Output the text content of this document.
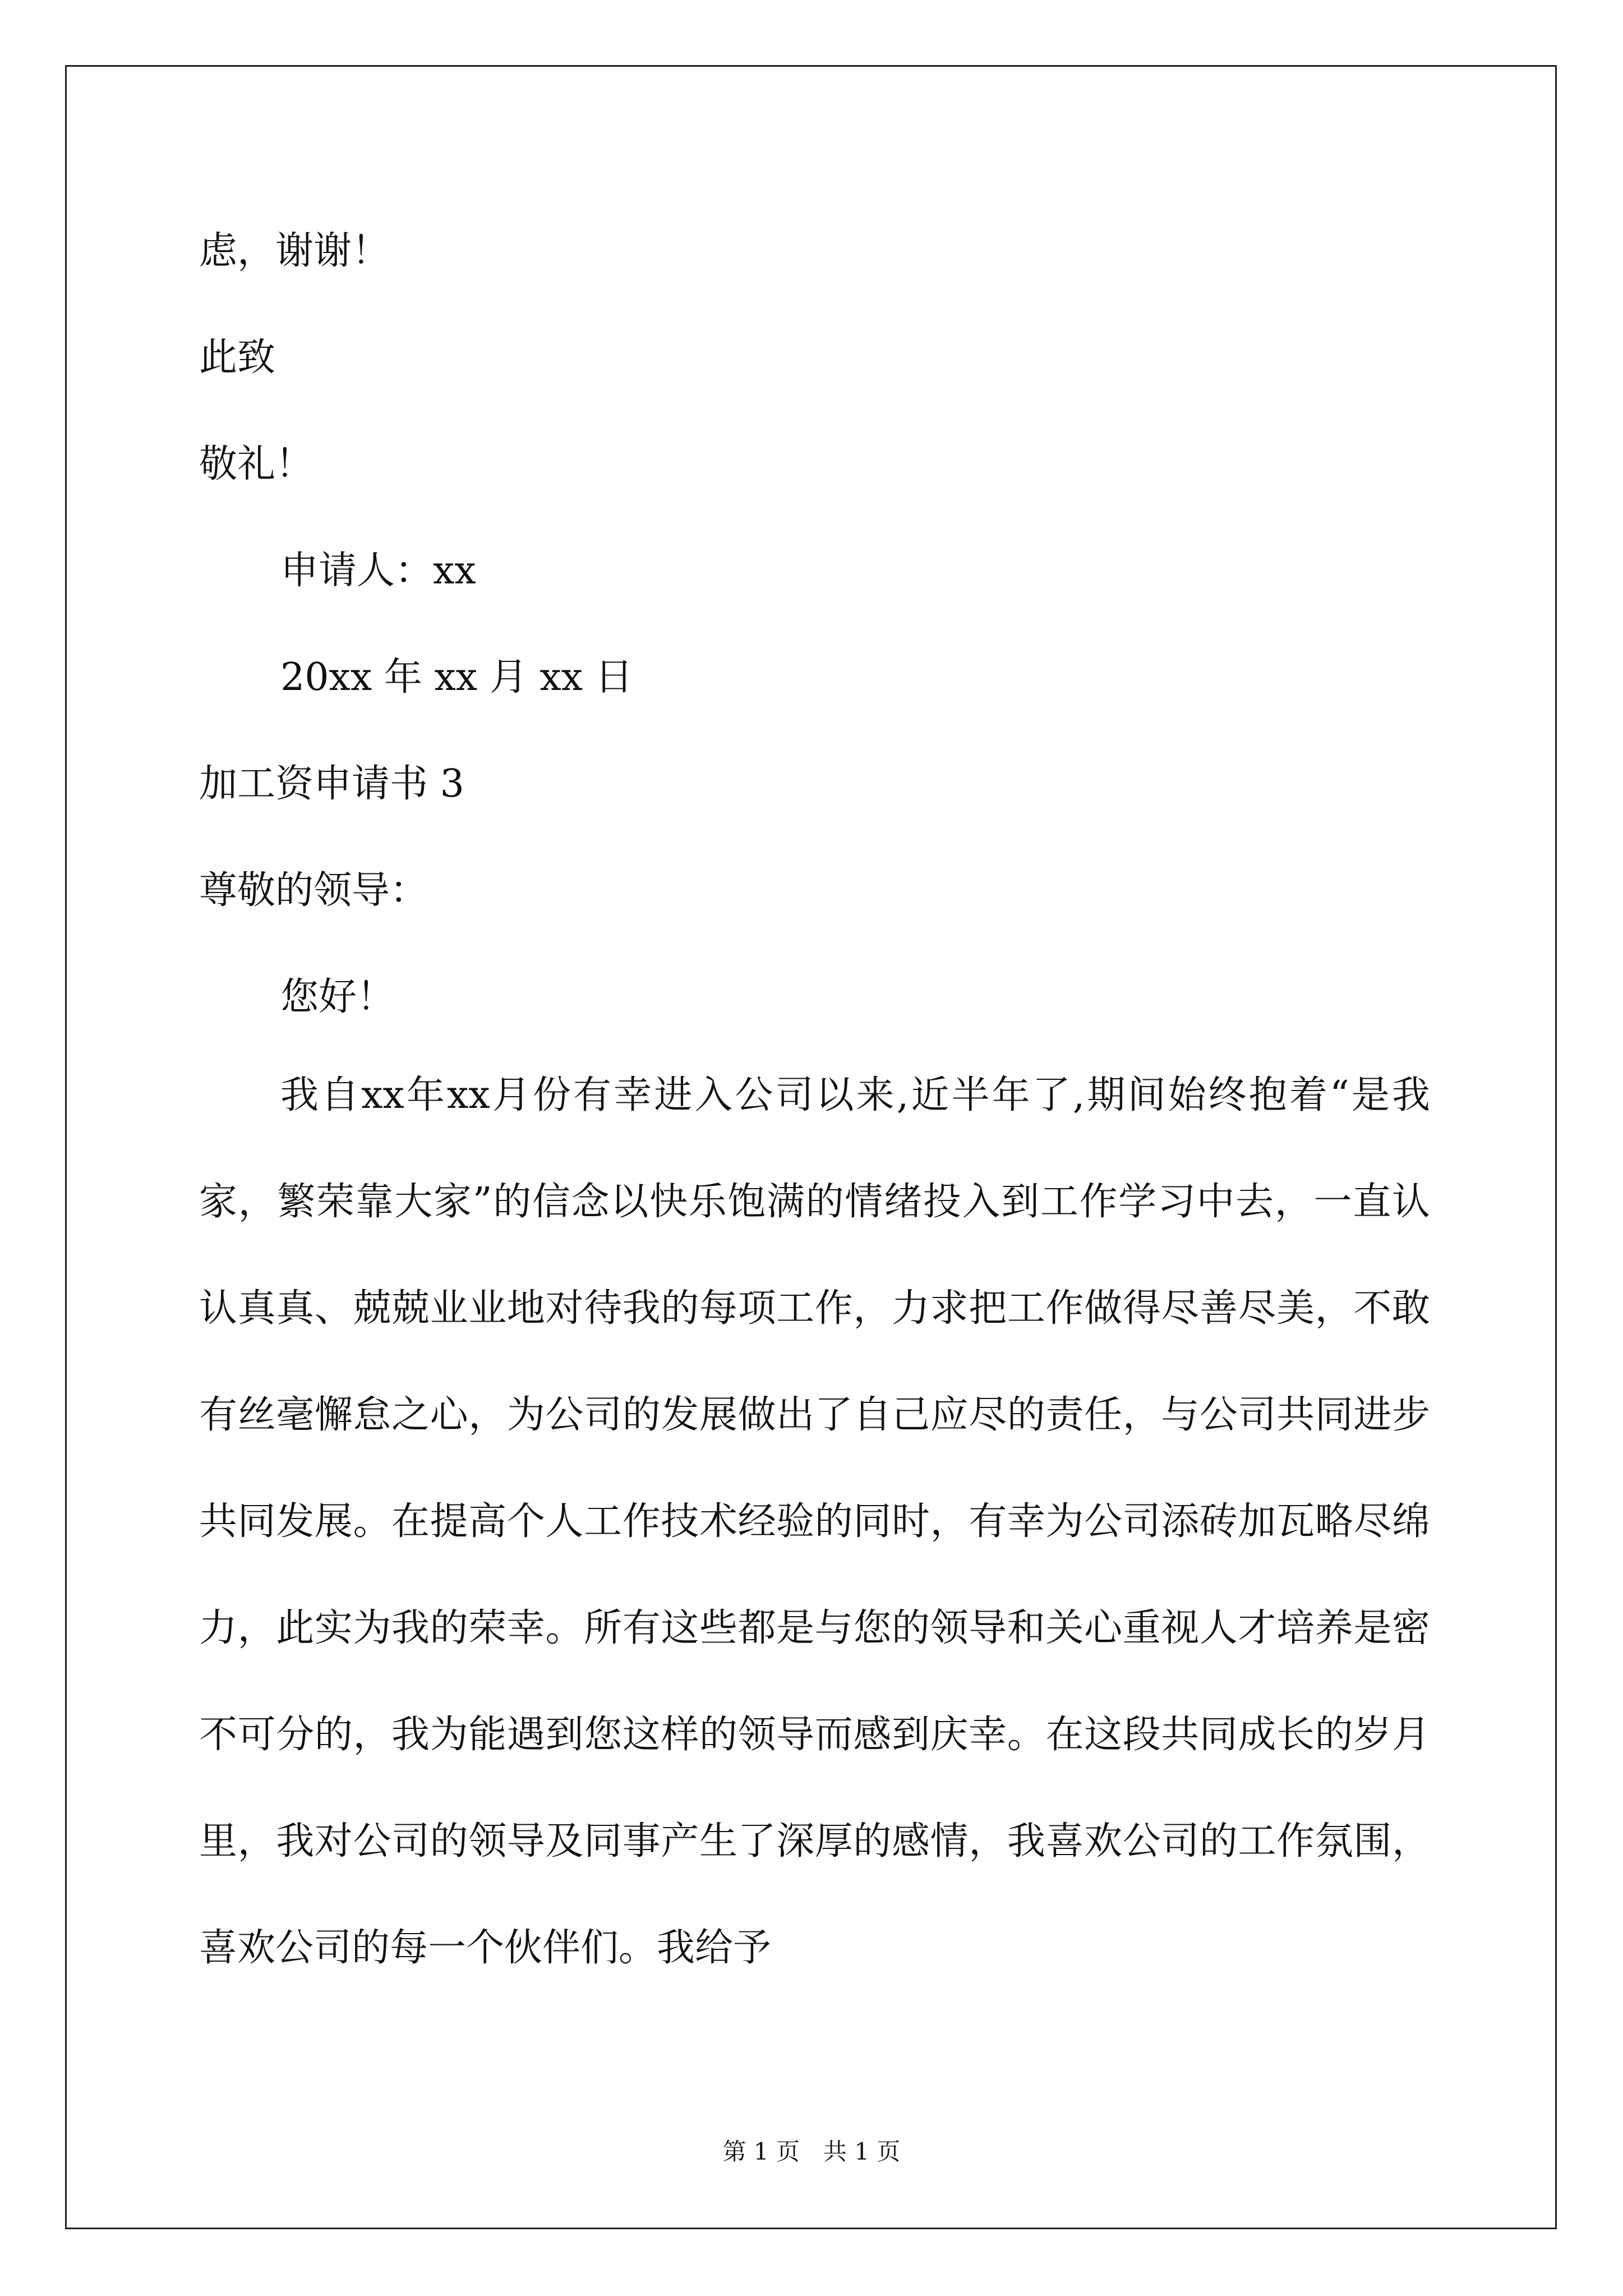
虑，谢谢！
此致
敬礼！
申请人：xx
20xx 年 xx 月 xx 日
加工资申请书 3
尊敬的领导：
您好！

我自xx年xx月份有幸进入公司以来,近半年了,期间始终抱着“是我家，繁荣靠大家”的信念以快乐饱满的情绪投入到工作学习中去，一直认认真真、兢兢业业地对待我的每项工作，力求把工作做得尽善尽美，不敢有丝毫懈怠之心，为公司的发展做出了自己应尽的责任，与公司共同进步共同发展。在提高个人工作技术经验的同时，有幸为公司添砖加瓦略尽绵力，此实为我的荣幸。所有这些都是与您的领导和关心重视人才培养是密不可分的，我为能遇到您这样的领导而感到庆幸。在这段共同成长的岁月里，我对公司的领导及同事产生了深厚的感情，我喜欢公司的工作氛围，喜欢公司的每一个伙伴们。我给予

第 1 页　共 1 页
